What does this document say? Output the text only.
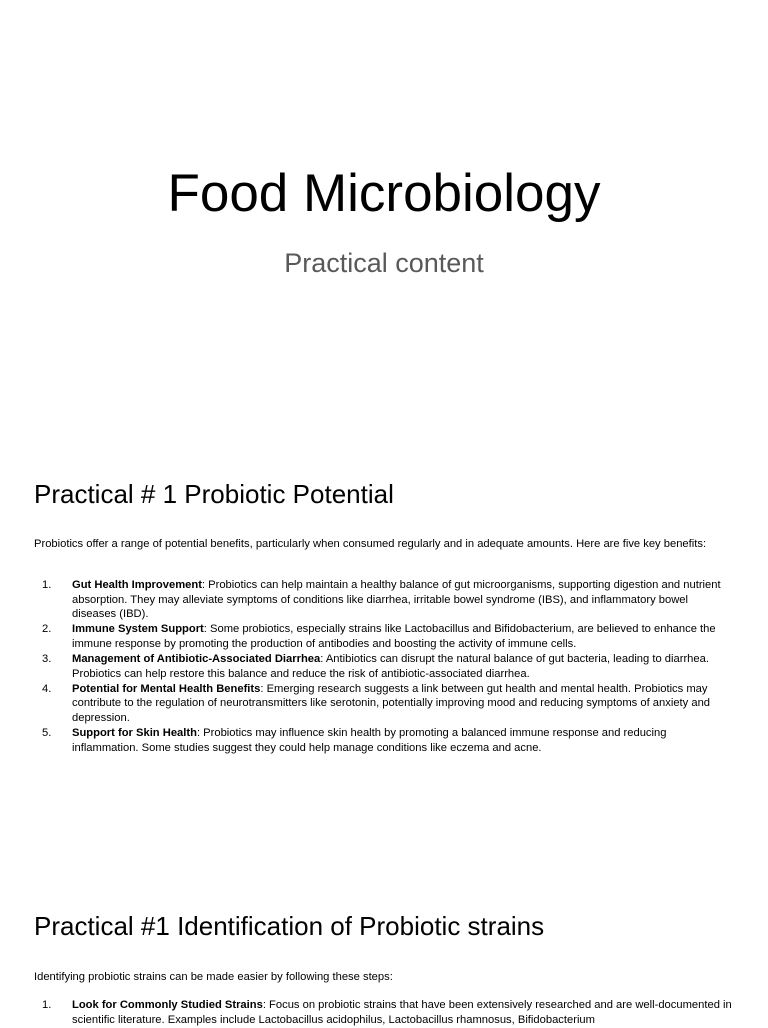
Food Microbiology
Practical content
Practical # 1 Probiotic Potential

Probiotics offer a range of potential benefits, particularly when consumed regularly and in adequate amounts. Here are five key benefits:

1. Gut Health Improvement: Probiotics can help maintain a healthy balance of gut microorganisms, supporting digestion and nutrient absorption. They may alleviate symptoms of conditions like diarrhea, irritable bowel syndrome (IBS), and inflammatory bowel diseases (IBD).
2. Immune System Support: Some probiotics, especially strains like Lactobacillus and Bifidobacterium, are believed to enhance the immune response by promoting the production of antibodies and boosting the activity of immune cells.
3. Management of Antibiotic-Associated Diarrhea: Antibiotics can disrupt the natural balance of gut bacteria, leading to diarrhea. Probiotics can help restore this balance and reduce the risk of antibiotic-associated diarrhea.
4. Potential for Mental Health Benefits: Emerging research suggests a link between gut health and mental health. Probiotics may contribute to the regulation of neurotransmitters like serotonin, potentially improving mood and reducing symptoms of anxiety and depression.
5. Support for Skin Health: Probiotics may influence skin health by promoting a balanced immune response and reducing inflammation. Some studies suggest they could help manage conditions like eczema and acne.
Practical #1 Identification of Probiotic strains

Identifying probiotic strains can be made easier by following these steps:

1. Look for Commonly Studied Strains: Focus on probiotic strains that have been extensively researched and are well-documented in scientific literature. Examples include Lactobacillus acidophilus, Lactobacillus rhamnosus, Bifidobacterium
